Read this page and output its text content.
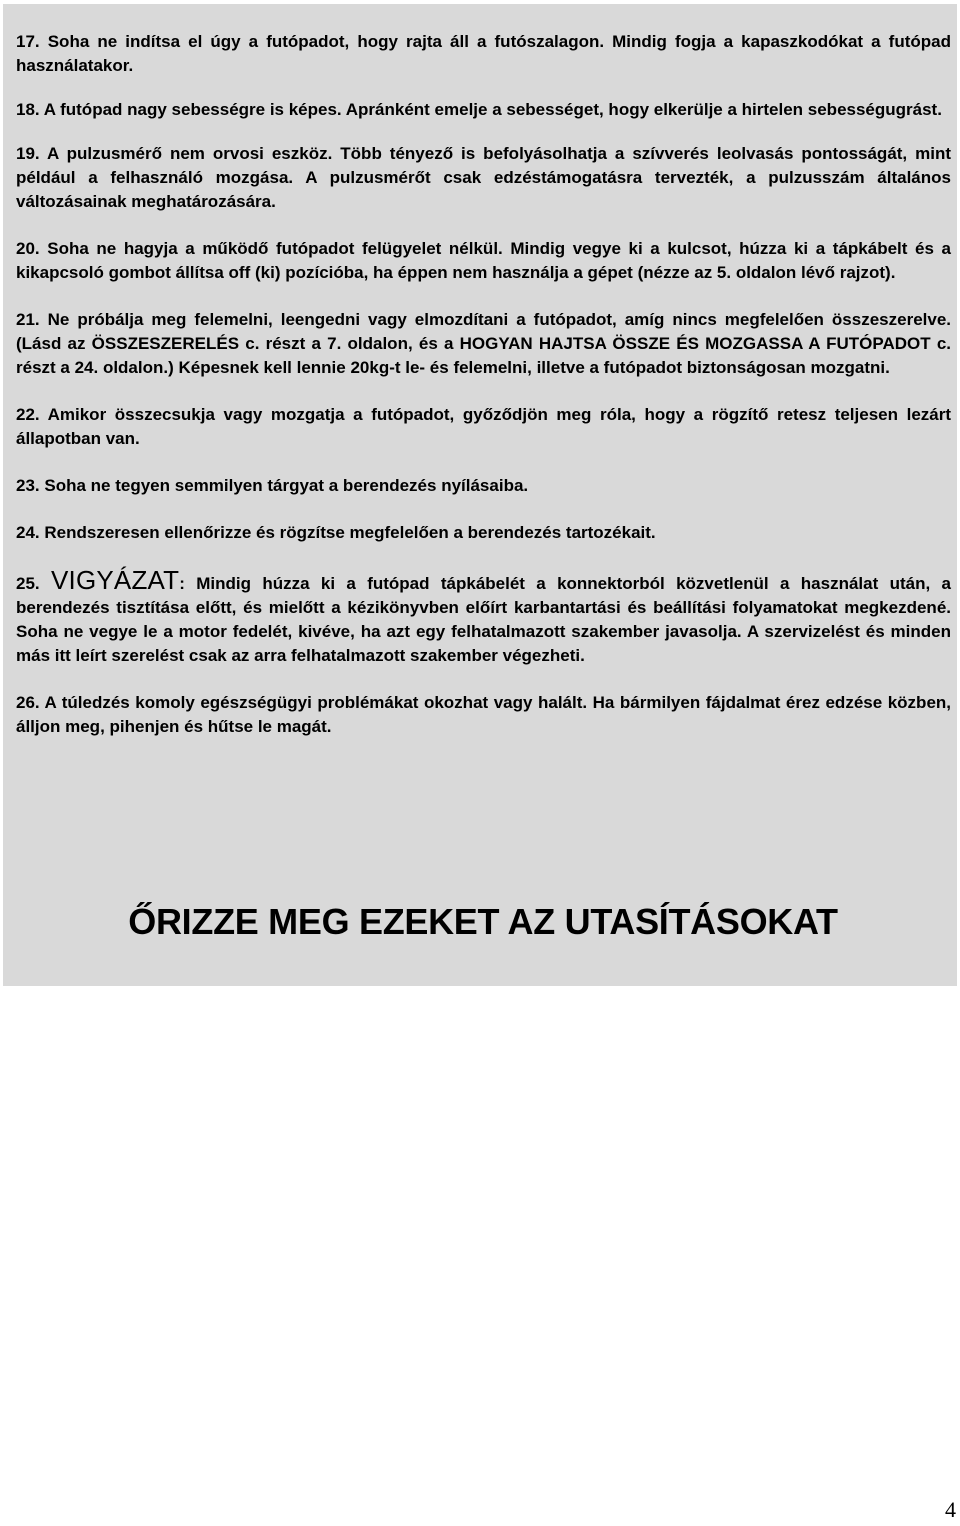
17. Soha ne indítsa el úgy a futópadot, hogy rajta áll a futószalagon. Mindig fogja a kapaszkodókat a futópad használatakor.

18. A futópad nagy sebességre is képes. Apránként emelje a sebességet, hogy elkerülje a hirtelen sebességugrást.

19. A pulzusmérő nem orvosi eszköz. Több tényező is befolyásolhatja a szívverés leolvasás pontosságát, mint például a felhasználó mozgása. A pulzusmérőt csak edzéstámogatásra tervezték, a pulzusszám általános változásainak meghatározására.

20. Soha ne hagyja a működő futópadot felügyelet nélkül. Mindig vegye ki a kulcsot, húzza ki a tápkábelt és a kikapcsoló gombot állítsa off (ki) pozícióba, ha éppen nem használja a gépet (nézze az 5. oldalon lévő rajzot).

21. Ne próbálja meg felemelni, leengedni vagy elmozdítani a futópadot, amíg nincs megfelelően összeszerelve. (Lásd az ÖSSZESZERELÉS c. részt a 7. oldalon, és a HOGYAN HAJTSA ÖSSZE ÉS MOZGASSA A FUTÓPADOT c. részt a 24. oldalon.) Képesnek kell lennie 20kg-t le- és felemelni, illetve a futópadot biztonságosan mozgatni.

22. Amikor összecsukja vagy mozgatja a futópadot, győződjön meg róla, hogy a rögzítő retesz teljesen lezárt állapotban van.

23. Soha ne tegyen semmilyen tárgyat a berendezés nyílásaiba.

24. Rendszeresen ellenőrizze és rögzítse megfelelően a berendezés tartozékait.

25. VIGYÁZAT: Mindig húzza ki a futópad tápkábelét a konnektorból közvetlenül a használat után, a berendezés tisztítása előtt, és mielőtt a kézikönyvben előírt karbantartási és beállítási folyamatokat megkezdené. Soha ne vegye le a motor fedelét, kivéve, ha azt egy felhatalmazott szakember javasolja. A szervizelést és minden más itt leírt szerelést csak az arra felhatalmazott szakember végezheti.

26. A túledzés komoly egészségügyi problémákat okozhat vagy halált. Ha bármilyen fájdalmat érez edzése közben, álljon meg, pihenjen és hűtse le magát.

ŐRIZZE MEG EZEKET AZ UTASÍTÁSOKAT
4
